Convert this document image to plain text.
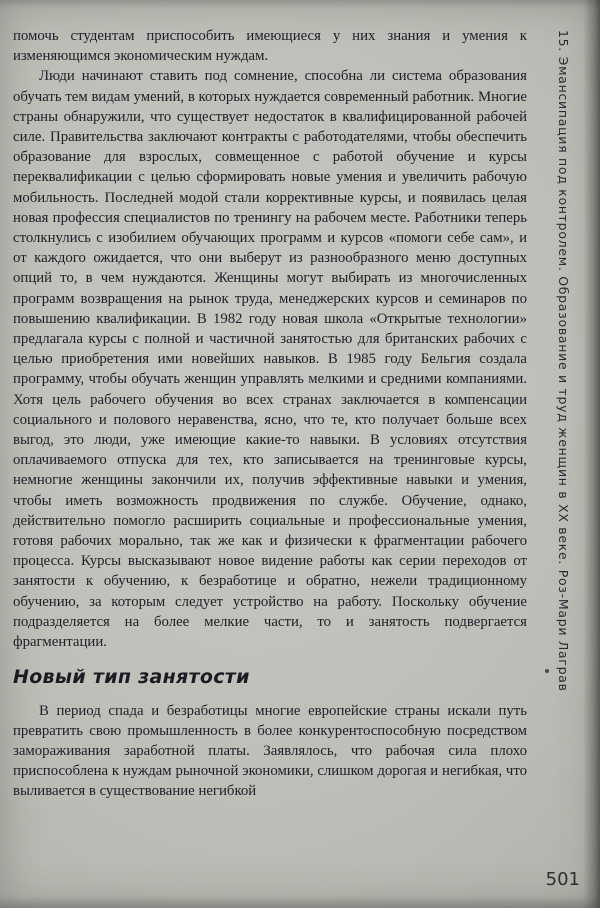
помочь студентам приспособить имеющиеся у них знания и умения к изменяющимся экономическим нуждам.

Люди начинают ставить под сомнение, способна ли система образования обучать тем видам умений, в которых нуждается современный работник. Многие страны обнаружили, что существует недостаток в квалифицированной рабочей силе. Правительства заключают контракты с работодателями, чтобы обеспечить образование для взрослых, совмещенное с работой обучение и курсы переквалификации с целью сформировать новые умения и увеличить рабочую мобильность. Последней модой стали коррективные курсы, и появилась целая новая профессия специалистов по тренингу на рабочем месте. Работники теперь столкнулись с изобилием обучающих программ и курсов «помоги себе сам», и от каждого ожидается, что они выберут из разнообразного меню доступных опций то, в чем нуждаются. Женщины могут выбирать из многочисленных программ возвращения на рынок труда, менеджерских курсов и семинаров по повышению квалификации. В 1982 году новая школа «Открытые технологии» предлагала курсы с полной и частичной занятостью для британских рабочих с целью приобретения ими новейших навыков. В 1985 году Бельгия создала программу, чтобы обучать женщин управлять мелкими и средними компаниями. Хотя цель рабочего обучения во всех странах заключается в компенсации социального и полового неравенства, ясно, что те, кто получает больше всех выгод, это люди, уже имеющие какие-то навыки. В условиях отсутствия оплачиваемого отпуска для тех, кто записывается на тренинговые курсы, немногие женщины закончили их, получив эффективные навыки и умения, чтобы иметь возможность продвижения по службе. Обучение, однако, действительно помогло расширить социальные и профессиональные умения, готовя рабочих морально, так же как и физически к фрагментации рабочего процесса. Курсы высказывают новое видение работы как серии переходов от занятости к обучению, к безработице и обратно, нежели традиционному обучению, за которым следует устройство на работу. Поскольку обучение подразделяется на более мелкие части, то и занятость подвергается фрагментации.

Новый тип занятости

В период спада и безработицы многие европейские страны искали путь превратить свою промышленность в более конкурентоспособную посредством замораживания заработной платы. Заявлялось, что рабочая сила плохо приспособлена к нуждам рыночной экономики, слишком дорогая и негибкая, что выливается в существование негибкой

15. Эмансипация под контролем. Образование и труд женщин в XX веке. Роз-Мари Лаграв
501
